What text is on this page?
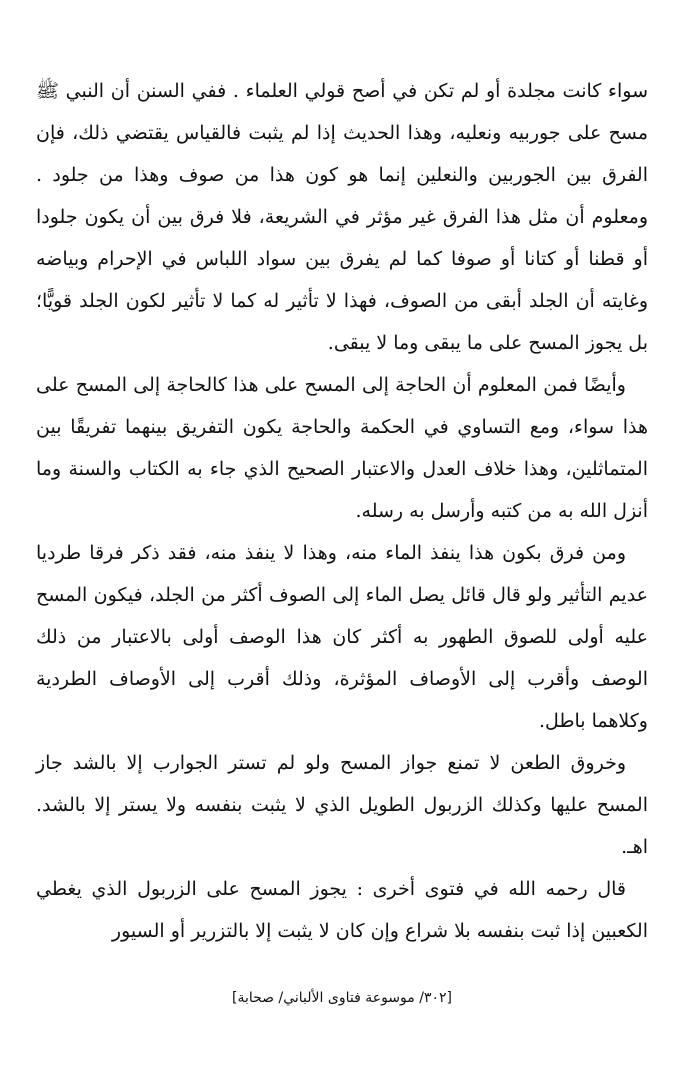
سواء كانت مجلدة أو لم تكن في أصح قولي العلماء . ففي السنن أن النبي ﷺ مسح على جوربيه ونعليه، وهذا الحديث إذا لم يثبت فالقياس يقتضي ذلك، فإن الفرق بين الجوربين والنعلين إنما هو كون هذا من صوف وهذا من جلود . ومعلوم أن مثل هذا الفرق غير مؤثر في الشريعة، فلا فرق بين أن يكون جلودا أو قطنا أو كتانا أو صوفا كما لم يفرق بين سواد اللباس في الإحرام وبياضه وغايته أن الجلد أبقى من الصوف، فهذا لا تأثير له كما لا تأثير لكون الجلد قويًّا؛ بل يجوز المسح على ما يبقى وما لا يبقى.

وأيضًا فمن المعلوم أن الحاجة إلى المسح على هذا كالحاجة إلى المسح على هذا سواء، ومع التساوي في الحكمة والحاجة يكون التفريق بينهما تفريقًا بين المتماثلين، وهذا خلاف العدل والاعتبار الصحيح الذي جاء به الكتاب والسنة وما أنزل الله به من كتبه وأرسل به رسله.

ومن فرق بكون هذا ينفذ الماء منه، وهذا لا ينفذ منه، فقد ذكر فرقا طرديا عديم التأثير ولو قال قائل يصل الماء إلى الصوف أكثر من الجلد، فيكون المسح عليه أولى للصوق الطهور به أكثر كان هذا الوصف أولى بالاعتبار من ذلك الوصف وأقرب إلى الأوصاف المؤثرة، وذلك أقرب إلى الأوصاف الطردية وكلاهما باطل.

وخروق الطعن لا تمنع جواز المسح ولو لم تستر الجوارب إلا بالشد جاز المسح عليها وكذلك الزربول الطويل الذي لا يثبت بنفسه ولا يستر إلا بالشد. اهـ.

قال رحمه الله في فتوى أخرى : يجوز المسح على الزربول الذي يغطي الكعبين إذا ثبت بنفسه بلا شراع وإن كان لا يثبت إلا بالتزرير أو السيور

[٣٠٢/ موسوعة فتاوى الألباني/ صحابة]
